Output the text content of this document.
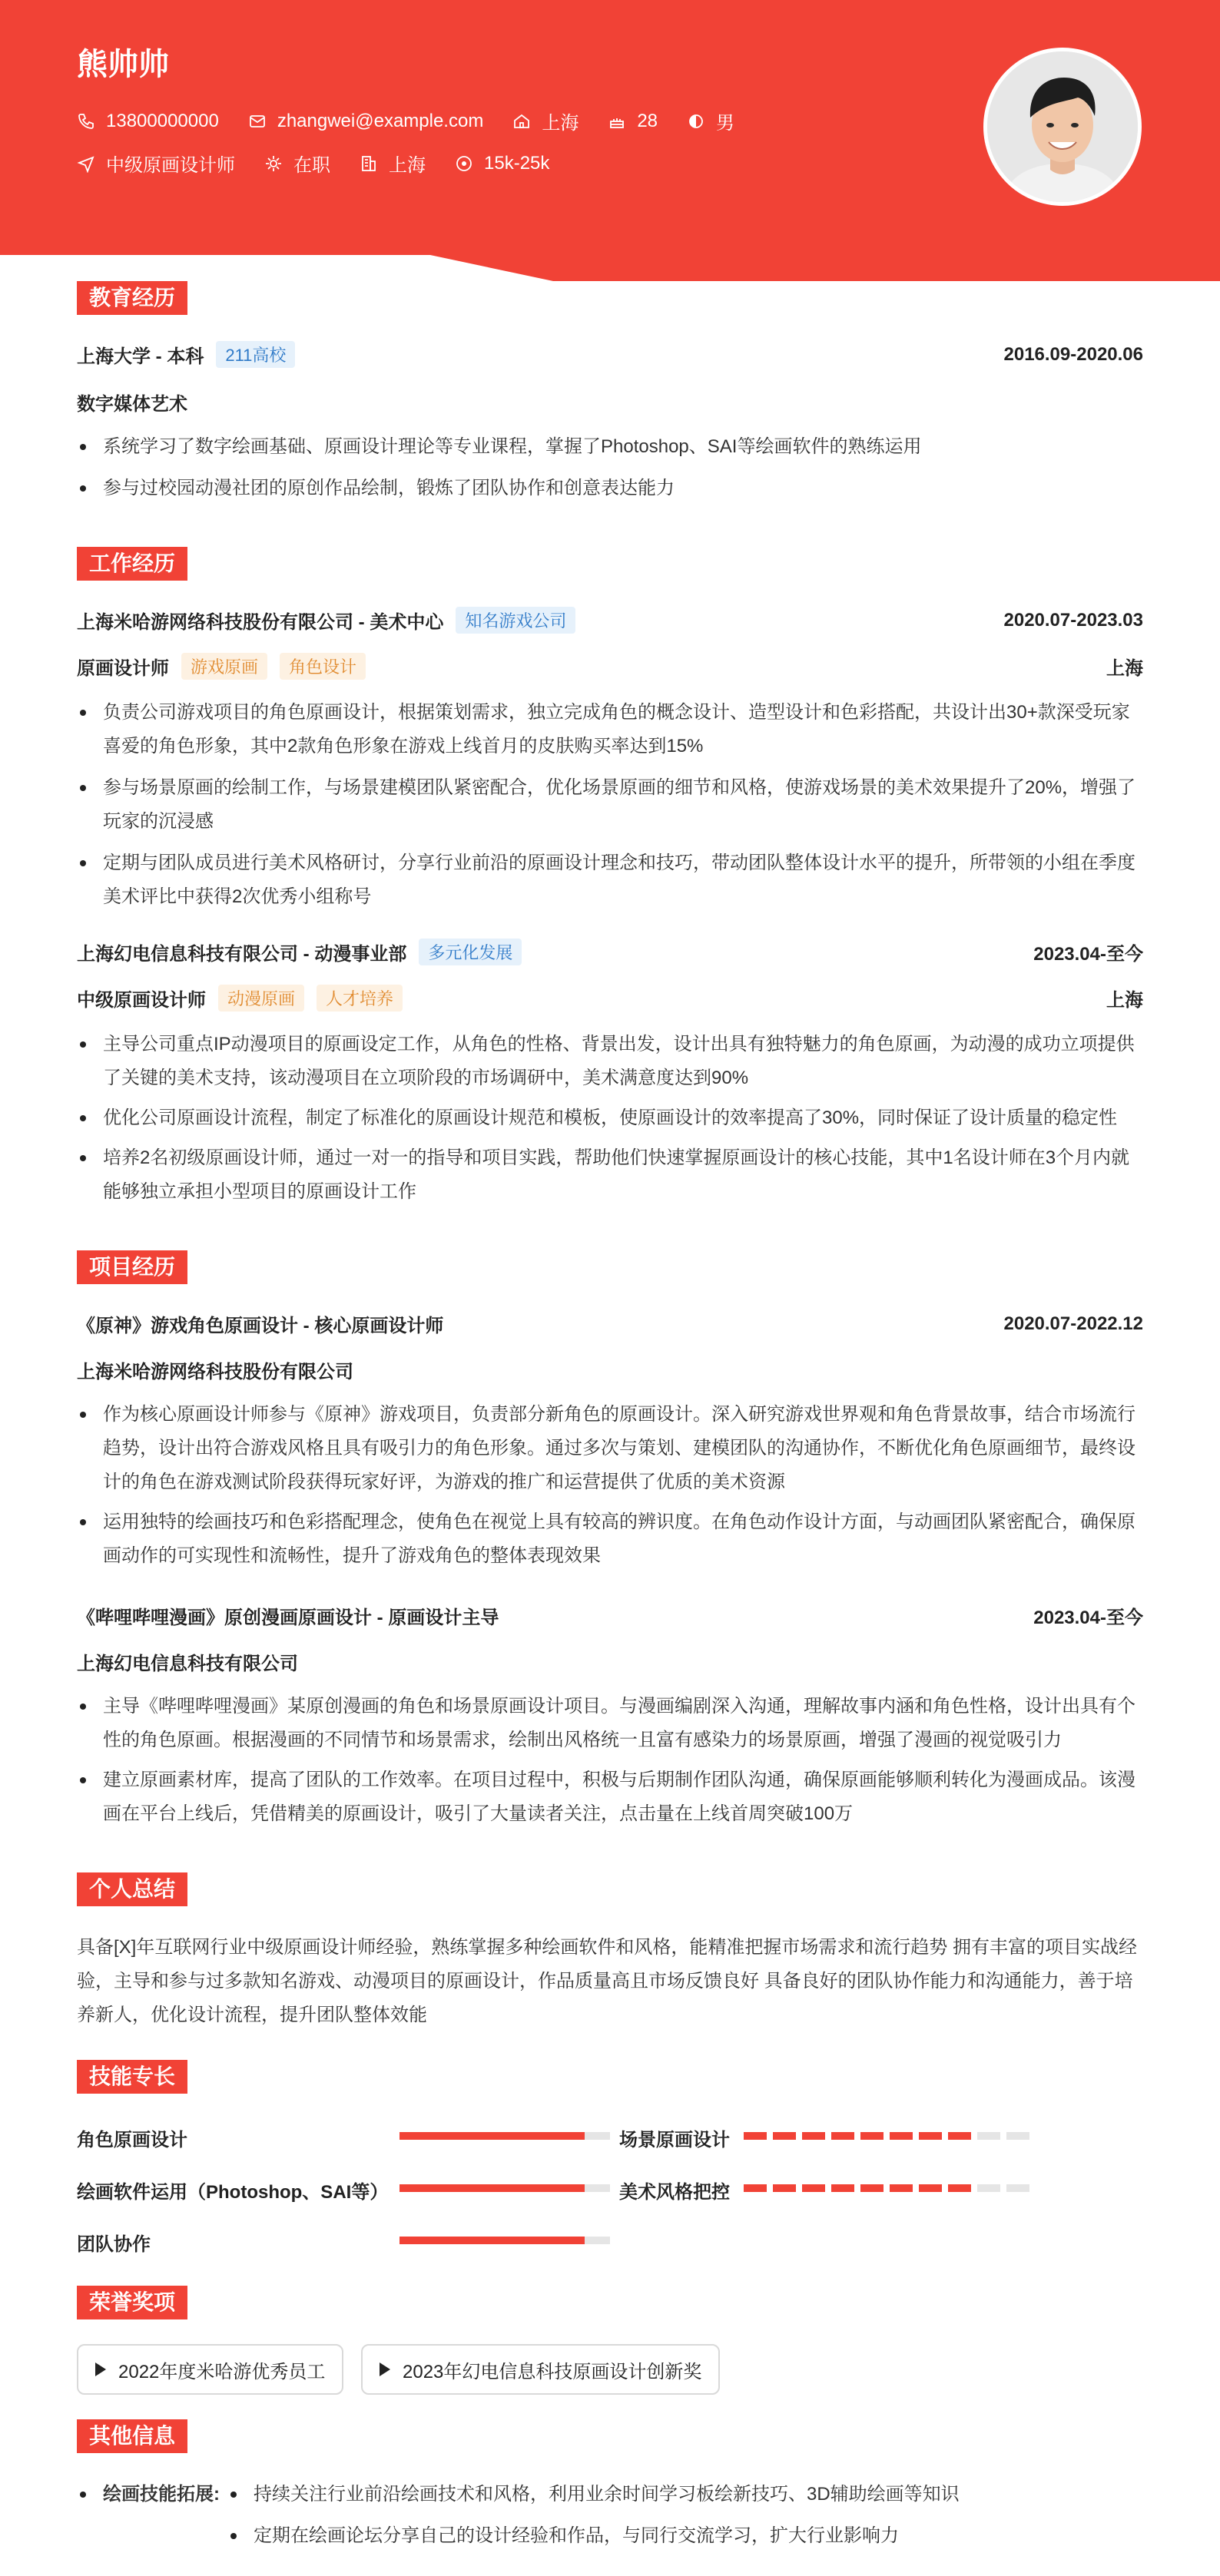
熊帅帅
13800000000	zhangwei@example.com	上海	28	男
中级原画设计师	在职	上海	15k-25k
教育经历
上海大学 - 本科	211高校	2016.09-2020.06
数字媒体艺术
系统学习了数字绘画基础、原画设计理论等专业课程，掌握了Photoshop、SAI等绘画软件的熟练运用
参与过校园动漫社团的原创作品绘制，锻炼了团队协作和创意表达能力
工作经历
上海米哈游网络科技股份有限公司 - 美术中心	知名游戏公司	2020.07-2023.03
原画设计师	游戏原画	角色设计	上海
负责公司游戏项目的角色原画设计，根据策划需求，独立完成角色的概念设计、造型设计和色彩搭配，共设计出30+款深受玩家喜爱的角色形象，其中2款角色形象在游戏上线首月的皮肤购买率达到15%
参与场景原画的绘制工作，与场景建模团队紧密配合，优化场景原画的细节和风格，使游戏场景的美术效果提升了20%，增强了玩家的沉浸感
定期与团队成员进行美术风格研讨，分享行业前沿的原画设计理念和技巧，带动团队整体设计水平的提升，所带领的小组在季度美术评比中获得2次优秀小组称号
上海幻电信息科技有限公司 - 动漫事业部	多元化发展	2023.04-至今
中级原画设计师	动漫原画	人才培养	上海
主导公司重点IP动漫项目的原画设定工作，从角色的性格、背景出发，设计出具有独特魅力的角色原画，为动漫的成功立项提供了关键的美术支持，该动漫项目在立项阶段的市场调研中，美术满意度达到90%
优化公司原画设计流程，制定了标准化的原画设计规范和模板，使原画设计的效率提高了30%，同时保证了设计质量的稳定性
培养2名初级原画设计师，通过一对一的指导和项目实践，帮助他们快速掌握原画设计的核心技能，其中1名设计师在3个月内就能够独立承担小型项目的原画设计工作
项目经历
《原神》游戏角色原画设计 - 核心原画设计师	2020.07-2022.12
上海米哈游网络科技股份有限公司
作为核心原画设计师参与《原神》游戏项目，负责部分新角色的原画设计。深入研究游戏世界观和角色背景故事，结合市场流行趋势，设计出符合游戏风格且具有吸引力的角色形象。通过多次与策划、建模团队的沟通协作，不断优化角色原画细节，最终设计的角色在游戏测试阶段获得玩家好评，为游戏的推广和运营提供了优质的美术资源
运用独特的绘画技巧和色彩搭配理念，使角色在视觉上具有较高的辨识度。在角色动作设计方面，与动画团队紧密配合，确保原画动作的可实现性和流畅性，提升了游戏角色的整体表现效果
《哔哩哔哩漫画》原创漫画原画设计 - 原画设计主导	2023.04-至今
上海幻电信息科技有限公司
主导《哔哩哔哩漫画》某原创漫画的角色和场景原画设计项目。与漫画编剧深入沟通，理解故事内涵和角色性格，设计出具有个性的角色原画。根据漫画的不同情节和场景需求，绘制出风格统一且富有感染力的场景原画，增强了漫画的视觉吸引力
建立原画素材库，提高了团队的工作效率。在项目过程中，积极与后期制作团队沟通，确保原画能够顺利转化为漫画成品。该漫画在平台上线后，凭借精美的原画设计，吸引了大量读者关注，点击量在上线首周突破100万
个人总结
具备[X]年互联网行业中级原画设计师经验，熟练掌握多种绘画软件和风格，能精准把握市场需求和流行趋势 拥有丰富的项目实战经验，主导和参与过多款知名游戏、动漫项目的原画设计，作品质量高且市场反馈良好 具备良好的团队协作能力和沟通能力，善于培养新人，优化设计流程，提升团队整体效能
技能专长
角色原画设计	场景原画设计
绘画软件运用（Photoshop、SAI等）	美术风格把控
团队协作
荣誉奖项
2022年度米哈游优秀员工	2023年幻电信息科技原画设计创新奖
其他信息
绘画技能拓展:	持续关注行业前沿绘画技术和风格，利用业余时间学习板绘新技巧、3D辅助绘画等知识
定期在绘画论坛分享自己的设计经验和作品，与同行交流学习，扩大行业影响力
